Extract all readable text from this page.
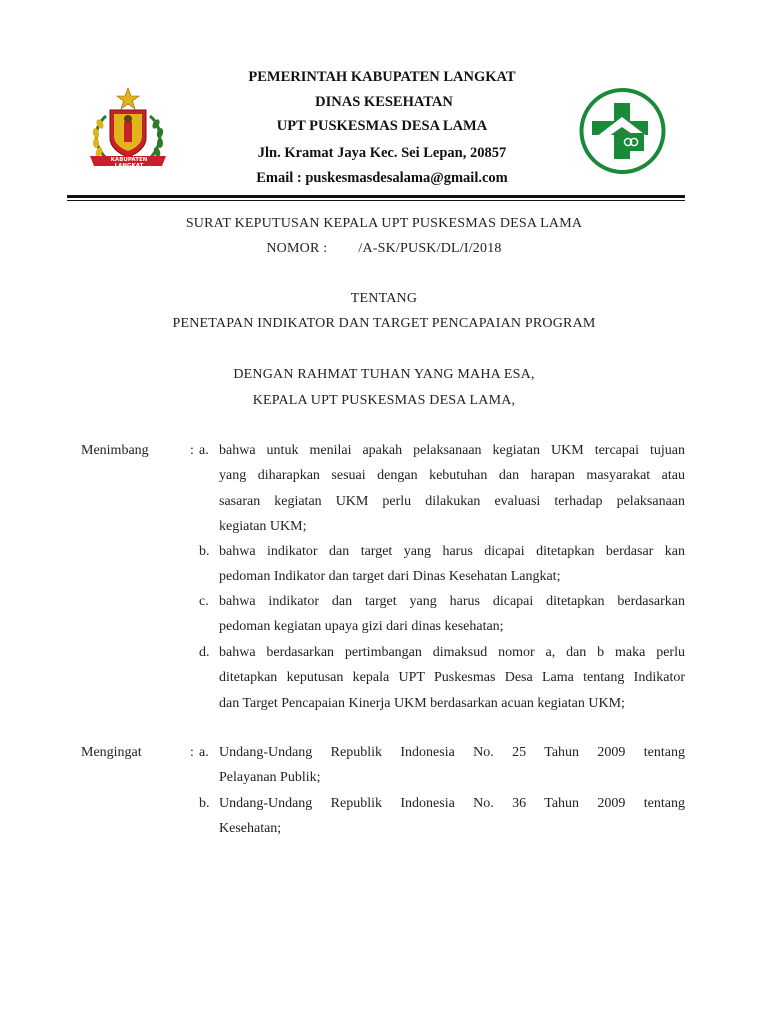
KABUPATEN LANGKAT
PEMERINTAH KABUPATEN LANGKAT
DINAS KESEHATAN
UPT PUSKESMAS DESA LAMA
Jln. Kramat Jaya Kec. Sei Lepan, 20857
Email : puskesmasdesalama@gmail.com
SURAT KEPUTUSAN KEPALA UPT PUSKESMAS DESA LAMA
NOMOR : /A-SK/PUSK/DL/I/2018
TENTANG
PENETAPAN INDIKATOR DAN TARGET PENCAPAIAN PROGRAM
DENGAN RAHMAT TUHAN YANG MAHA ESA,
KEPALA UPT PUSKESMAS DESA LAMA,
Menimbang	: a. bahwa untuk menilai apakah pelaksanaan kegiatan UKM tercapai tujuan

yang diharapkan sesuai dengan kebutuhan dan harapan masyarakat atau

sasaran kegiatan UKM perlu dilakukan evaluasi terhadap pelaksanaan

kegiatan UKM;

b. bahwa indikator dan target yang harus dicapai ditetapkan berdasar kan

pedoman Indikator dan target dari Dinas Kesehatan Langkat;

c. bahwa indikator dan target yang harus dicapai ditetapkan berdasarkan

pedoman kegiatan upaya gizi dari dinas kesehatan;

d. bahwa berdasarkan pertimbangan dimaksud nomor a, dan b maka perlu

ditetapkan keputusan kepala UPT Puskesmas Desa Lama tentang Indikator

dan Target Pencapaian Kinerja UKM berdasarkan acuan kegiatan UKM;

Mengingat	: a. Undang-Undang Republik Indonesia No. 25 Tahun 2009 tentang

Pelayanan Publik;

b. Undang-Undang Republik Indonesia No. 36 Tahun 2009 tentang

Kesehatan;
